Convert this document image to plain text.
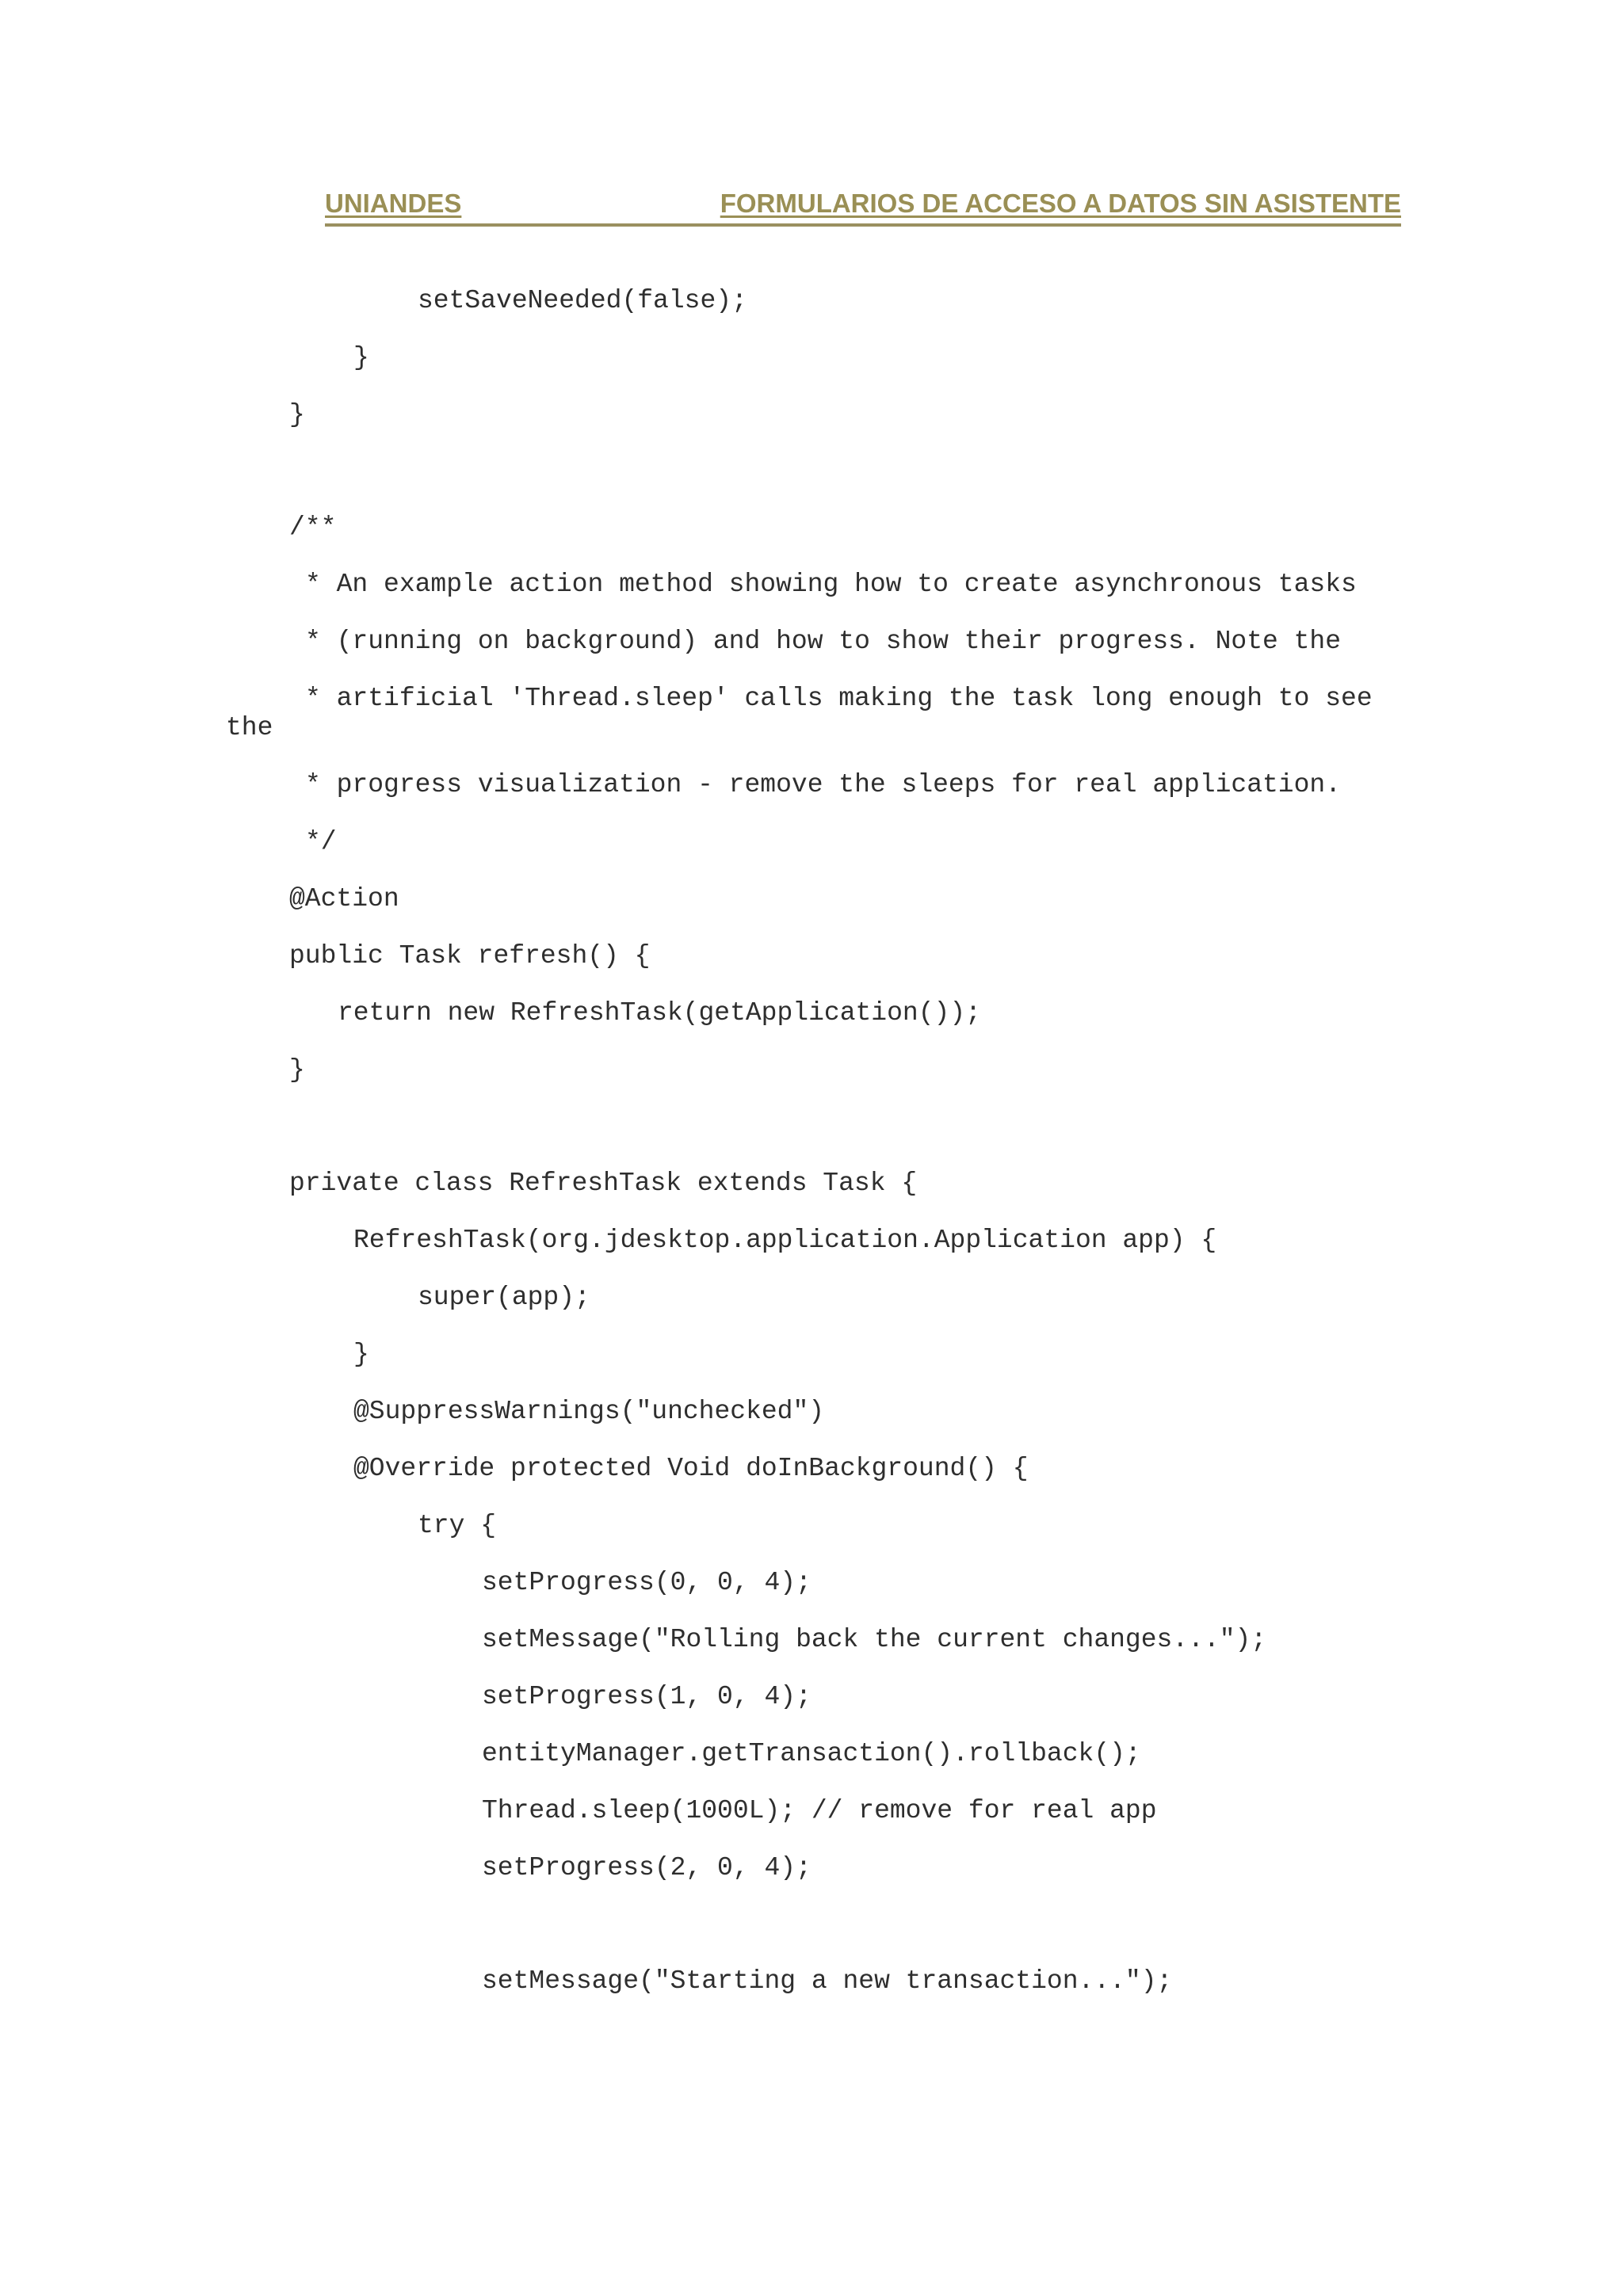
UNIANDES	FORMULARIOS DE ACCESO A DATOS SIN ASISTENTE

setSaveNeeded(false);

}

}

/**

* An example action method showing how to create asynchronous tasks

* (running on background) and how to show their progress. Note the

* artificial 'Thread.sleep' calls making the task long enough to see

the

* progress visualization - remove the sleeps for real application.

*/

@Action

public Task refresh() {

return new RefreshTask(getApplication());

}

private class RefreshTask extends Task {

RefreshTask(org.jdesktop.application.Application app) {

super(app);

}

@SuppressWarnings("unchecked")

@Override protected Void doInBackground() {

try {

setProgress(0, 0, 4);

setMessage("Rolling back the current changes...");

setProgress(1, 0, 4);

entityManager.getTransaction().rollback();

Thread.sleep(1000L); // remove for real app

setProgress(2, 0, 4);

setMessage("Starting a new transaction...");
